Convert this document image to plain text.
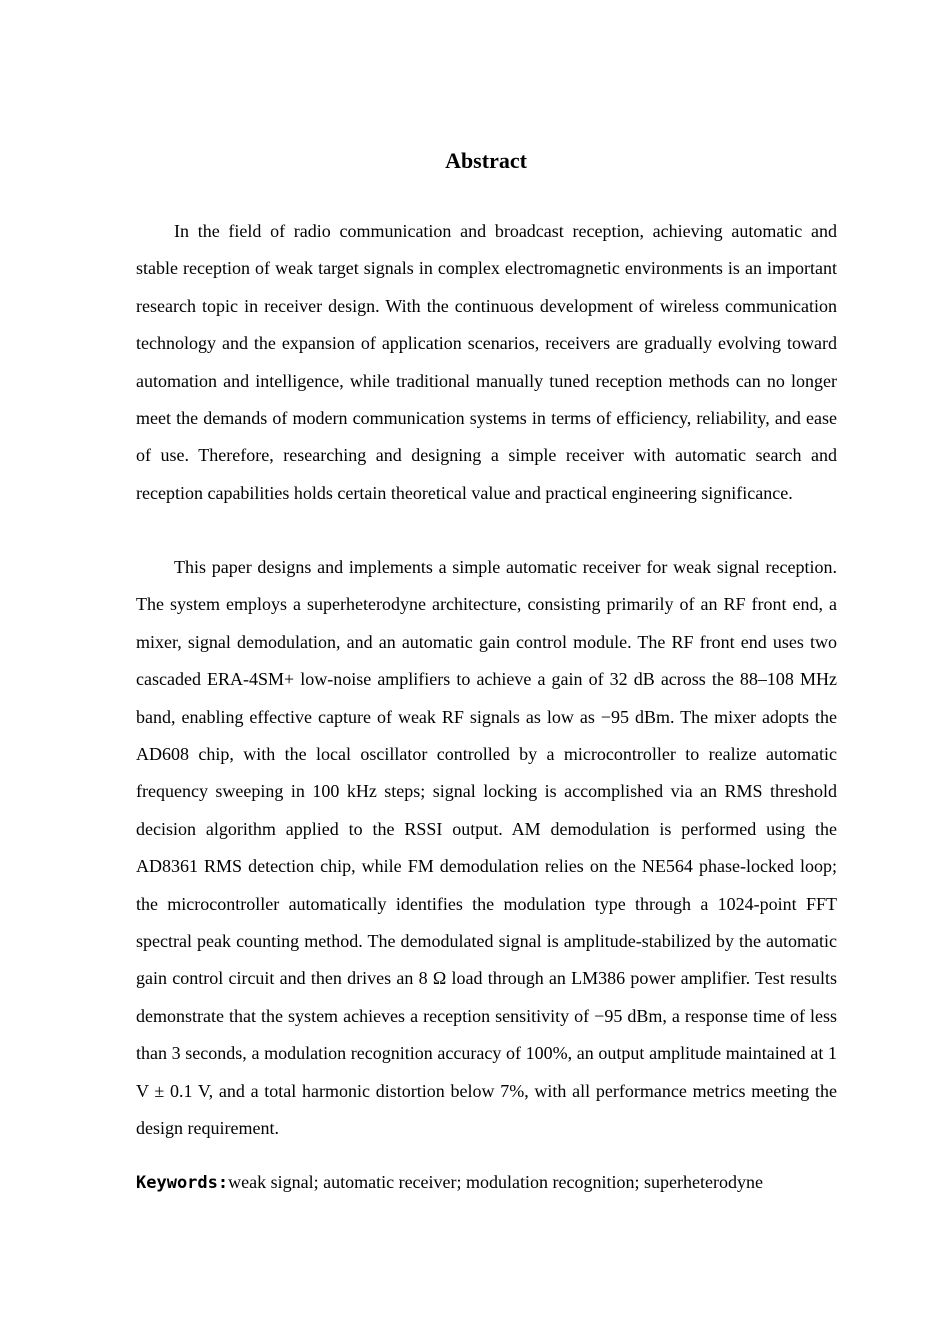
Abstract

In the field of radio communication and broadcast reception, achieving automatic and stable reception of weak target signals in complex electromagnetic environments is an important research topic in receiver design. With the continuous development of wireless communication technology and the expansion of application scenarios, receivers are gradually evolving toward automation and intelligence, while traditional manually tuned reception methods can no longer meet the demands of modern communication systems in terms of efficiency, reliability, and ease of use. Therefore, researching and designing a simple receiver with automatic search and reception capabilities holds certain theoretical value and practical engineering significance.

This paper designs and implements a simple automatic receiver for weak signal reception. The system employs a superheterodyne architecture, consisting primarily of an RF front end, a mixer, signal demodulation, and an automatic gain control module. The RF front end uses two cascaded ERA-4SM+ low-noise amplifiers to achieve a gain of 32 dB across the 88–108 MHz band, enabling effective capture of weak RF signals as low as −95 dBm. The mixer adopts the AD608 chip, with the local oscillator controlled by a microcontroller to realize automatic frequency sweeping in 100 kHz steps; signal locking is accomplished via an RMS threshold decision algorithm applied to the RSSI output. AM demodulation is performed using the AD8361 RMS detection chip, while FM demodulation relies on the NE564 phase-locked loop; the microcontroller automatically identifies the modulation type through a 1024-point FFT spectral peak counting method. The demodulated signal is amplitude-stabilized by the automatic gain control circuit and then drives an 8 Ω load through an LM386 power amplifier. Test results demonstrate that the system achieves a reception sensitivity of −95 dBm, a response time of less than 3 seconds, a modulation recognition accuracy of 100%, an output amplitude maintained at 1 V ± 0.1 V, and a total harmonic distortion below 7%, with all performance metrics meeting the design requirement.

Keywords:weak signal; automatic receiver; modulation recognition; superheterodyne
